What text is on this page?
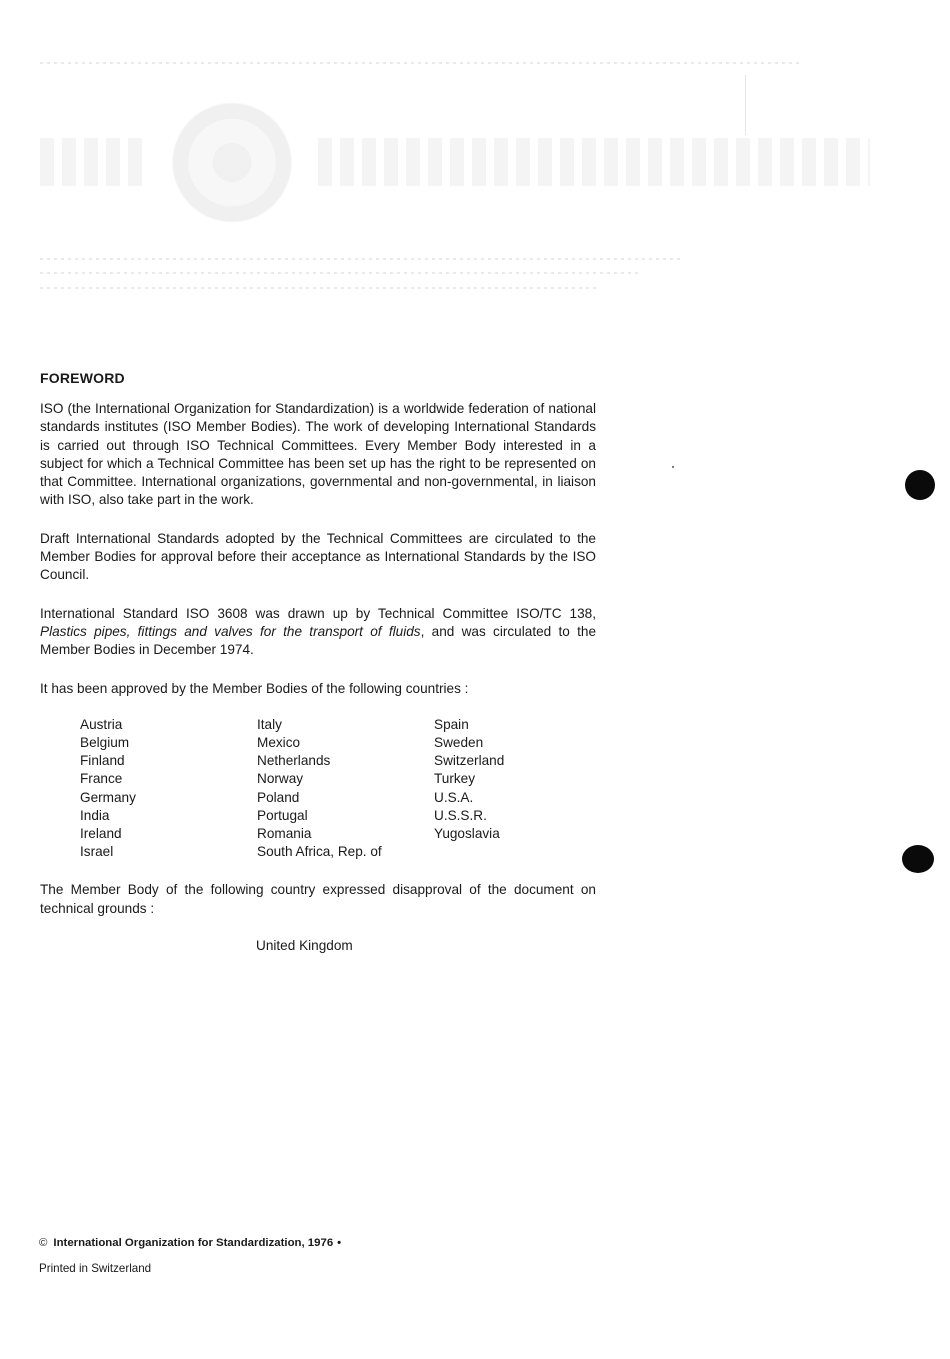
FOREWORD

ISO (the International Organization for Standardization) is a worldwide federation of national standards institutes (ISO Member Bodies). The work of developing International Standards is carried out through ISO Technical Committees. Every Member Body interested in a subject for which a Technical Committee has been set up has the right to be represented on that Committee. International organizations, governmental and non-governmental, in liaison with ISO, also take part in the work.

Draft International Standards adopted by the Technical Committees are circulated to the Member Bodies for approval before their acceptance as International Standards by the ISO Council.

International Standard ISO 3608 was drawn up by Technical Committee ISO/TC 138, Plastics pipes, fittings and valves for the transport of fluids, and was circulated to the Member Bodies in December 1974.

It has been approved by the Member Bodies of the following countries :

Austria
Belgium
Finland
France
Germany
India
Ireland
Israel
Italy
Mexico
Netherlands
Norway
Poland
Portugal
Romania
South Africa, Rep. of
Spain
Sweden
Switzerland
Turkey
U.S.A.
U.S.S.R.
Yugoslavia

The Member Body of the following country expressed disapproval of the document on technical grounds :

United Kingdom
© International Organization for Standardization, 1976 •
Printed in Switzerland
